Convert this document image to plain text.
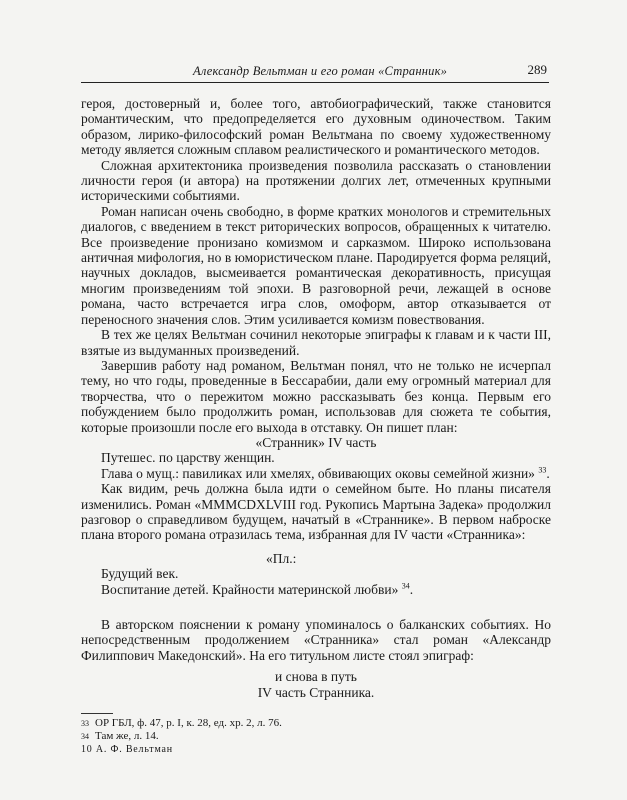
Александр Вельтман и его роман «Странник»	289

героя, достоверный и, более того, автобиографический, также становится романтическим, что предопределяется его духовным одиночеством. Таким образом, лирико-философский роман Вельтмана по своему художественному методу является сложным сплавом реалистического и романтического методов.

Сложная архитектоника произведения позволила рассказать о становлении личности героя (и автора) на протяжении долгих лет, отмеченных крупными историческими событиями.

Роман написан очень свободно, в форме кратких монологов и стремительных диалогов, с введением в текст риторических вопросов, обращенных к читателю. Все произведение пронизано комизмом и сарказмом. Широко использована античная мифология, но в юмористическом плане. Пародируется форма реляций, научных докладов, высмеивается романтическая декоративность, присущая многим произведениям той эпохи. В разговорной речи, лежащей в основе романа, часто встречается игра слов, омоформ, автор отказывается от переносного значения слов. Этим усиливается комизм повествования.

В тех же целях Вельтман сочинил некоторые эпиграфы к главам и к части III, взятые из выдуманных произведений.

Завершив работу над романом, Вельтман понял, что не только не исчерпал тему, но что годы, проведенные в Бессарабии, дали ему огромный материал для творчества, что о пережитом можно рассказывать без конца. Первым его побуждением было продолжить роман, использовав для сюжета те события, которые произошли после его выхода в отставку. Он пишет план:

«Странник» IV часть

Путешес. по царству женщин.

Глава о мущ.: павиликах или хмелях, обвивающих оковы семейной жизни» $^{33}$.

Как видим, речь должна была идти о семейном быте. Но планы писателя изменились. Роман «MMMCDXLVIII год. Рукопись Мартына Задека» продолжил разговор о справедливом будущем, начатый в «Страннике». В первом наброске плана второго романа отразилась тема, избранная для IV части «Странника»:

«Пл.:

Будущий век.

Воспитание детей. Крайности материнской любви» $^{34}$.

В авторском пояснении к роману упоминалось о балканских событиях. Но непосредственным продолжением «Странника» стал роман «Александр Филиппович Македонский». На его титульном листе стоял эпиграф:

и снова в путь

IV часть Странника.

33 ОР ГБЛ, ф. 47, р. I, к. 28, ед. хр. 2, л. 76.
34 Там же, л. 14.
10 А. Ф. Вельтман
